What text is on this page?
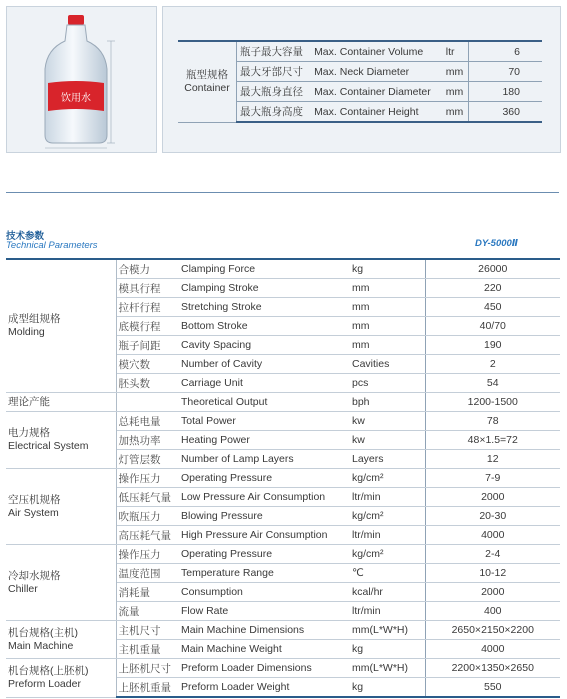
饮用水
瓶型规格
Container	瓶子最大容量	Max. Container Volume	ltr	6
	最大牙部尺寸	Max. Neck Diameter	mm	70
	最大瓶身直径	Max. Container Diameter	mm	180
	最大瓶身高度	Max. Container Height	mm	360
技术参数
Technical Parameters	DY-5000Ⅱ
成型组规格
Molding	合模力	Clamping Force	kg	26000
	模具行程	Clamping Stroke	mm	220
	拉杆行程	Stretching Stroke	mm	450
	底模行程	Bottom Stroke	mm	40/70
	瓶子间距	Cavity Spacing	mm	190
	模穴数	Number of Cavity	Cavities	2
	胚头数	Carriage Unit	pcs	54

理论产能		Theoretical Output	bph	1200-1500

电力规格
Electrical System	总耗电量	Total Power	kw	78
	加热功率	Heating Power	kw	48×1.5=72
	灯管层数	Number of Lamp Layers	Layers	12

空压机规格
Air System	操作压力	Operating Pressure	kg/cm²	7-9
	低压耗气量	Low Pressure Air Consumption	ltr/min	2000
	吹瓶压力	Blowing Pressure	kg/cm²	20-30
	高压耗气量	High Pressure Air Consumption	ltr/min	4000

冷却水规格
Chiller	操作压力	Operating Pressure	kg/cm²	2-4
	温度范围	Temperature Range	℃	10-12
	消耗量	Consumption	kcal/hr	2000
	流量	Flow Rate	ltr/min	400

机台规格(主机)
Main Machine	主机尺寸	Main Machine Dimensions	mm(L*W*H)	2650×2150×2200
	主机重量	Main Machine Weight	kg	4000

机台规格(上胚机)
Preform Loader	上胚机尺寸	Preform Loader Dimensions	mm(L*W*H)	2200×1350×2650
	上胚机重量	Preform Loader Weight	kg	550
